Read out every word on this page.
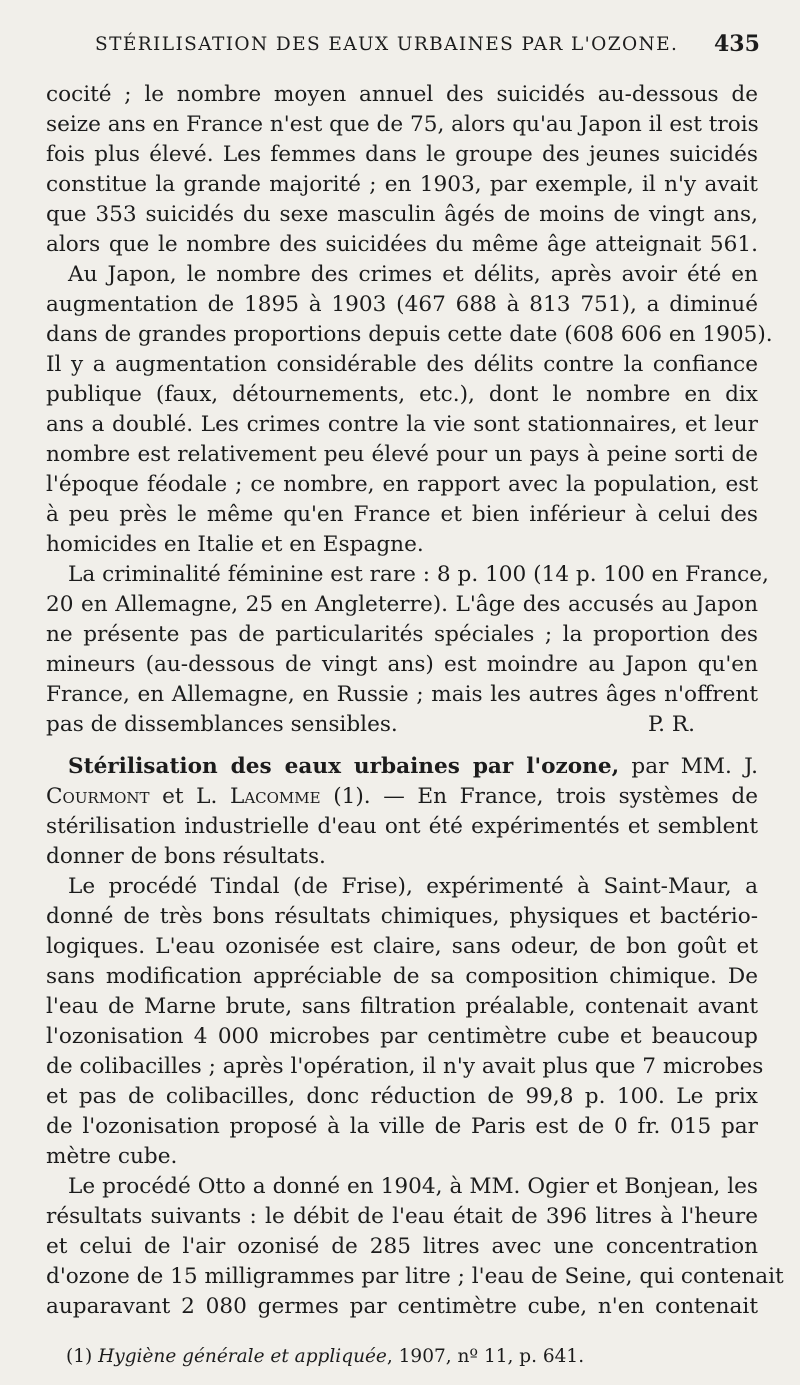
STÉRILISATION DES EAUX URBAINES PAR L'OZONE. 435
cocité ; le nombre moyen annuel des suicidés au-dessous de
seize ans en France n'est que de 75, alors qu'au Japon il est trois
fois plus élevé. Les femmes dans le groupe des jeunes suicidés
constitue la grande majorité ; en 1903, par exemple, il n'y avait
que 353 suicidés du sexe masculin âgés de moins de vingt ans,
alors que le nombre des suicidées du même âge atteignait 561.
Au Japon, le nombre des crimes et délits, après avoir été en
augmentation de 1895 à 1903 (467 688 à 813 751), a diminué
dans de grandes proportions depuis cette date (608 606 en 1905).
Il y a augmentation considérable des délits contre la confiance
publique (faux, détournements, etc.), dont le nombre en dix
ans a doublé. Les crimes contre la vie sont stationnaires, et leur
nombre est relativement peu élevé pour un pays à peine sorti de
l'époque féodale ; ce nombre, en rapport avec la population, est
à peu près le même qu'en France et bien inférieur à celui des
homicides en Italie et en Espagne.
La criminalité féminine est rare : 8 p. 100 (14 p. 100 en France,
20 en Allemagne, 25 en Angleterre). L'âge des accusés au Japon
ne présente pas de particularités spéciales ; la proportion des
mineurs (au-dessous de vingt ans) est moindre au Japon qu'en
France, en Allemagne, en Russie ; mais les autres âges n'offrent
pas de dissemblances sensibles.	P. R.
Stérilisation des eaux urbaines par l'ozone, par MM. J.
Courmont et L. Lacomme (1). — En France, trois systèmes de
stérilisation industrielle d'eau ont été expérimentés et semblent
donner de bons résultats.
Le procédé Tindal (de Frise), expérimenté à Saint-Maur, a
donné de très bons résultats chimiques, physiques et bactério-
logiques. L'eau ozonisée est claire, sans odeur, de bon goût et
sans modification appréciable de sa composition chimique. De
l'eau de Marne brute, sans filtration préalable, contenait avant
l'ozonisation 4 000 microbes par centimètre cube et beaucoup
de colibacilles ; après l'opération, il n'y avait plus que 7 microbes
et pas de colibacilles, donc réduction de 99,8 p. 100. Le prix
de l'ozonisation proposé à la ville de Paris est de 0 fr. 015 par
mètre cube.
Le procédé Otto a donné en 1904, à MM. Ogier et Bonjean, les
résultats suivants : le débit de l'eau était de 396 litres à l'heure
et celui de l'air ozonisé de 285 litres avec une concentration
d'ozone de 15 milligrammes par litre ; l'eau de Seine, qui contenait
auparavant 2 080 germes par centimètre cube, n'en contenait
(1) Hygiène générale et appliquée, 1907, nº 11, p. 641.
